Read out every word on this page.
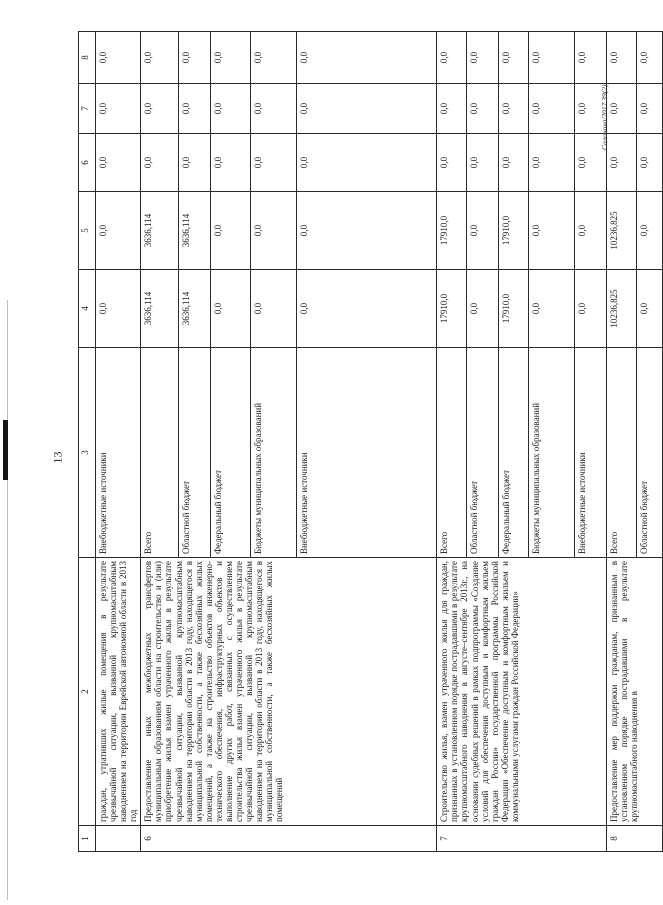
13
Салонова/2017.39(2)
1	2	3	4	5	6	7	8
	граждан, утративших жилые помещения в результате чрезвычайной ситуации, вызванной крупномасштабным наводнением на территории Еврейской автономной области в 2013 год	Внебюджетные источники	0,0	0,0	0,0	0,0	0,0
6	Предоставление иных межбюджетных трансфертов муниципальным образованиям области на строительство и (или) приобретение жилья взамен утраченного жилья в результате чрезвычайной ситуации, вызванной крупномасштабным наводнением на территории области в 2013 году, находящегося в муниципальной собственности, а также бесхозяйных жилых помещений, а также на строительство объектов инженерно-технического обеспечения, инфраструктурных объектов и выполнение других работ, связанных с осуществлением строительства жилья взамен утраченного жилья в результате чрезвычайной ситуации, вызванной крупномасштабным наводнением на территории области в 2013 году, находящегося в муниципальной собственности, а также бесхозяйных жилых помещений	Всего	3636,114	3636,114	0,0	0,0	0,0
		Областной бюджет	3636,114	3636,114	0,0	0,0	0,0
		Федеральный бюджет	0,0	0,0	0,0	0,0	0,0
		Бюджеты муниципальных образований	0,0	0,0	0,0	0,0	0,0
		Внебюджетные источники	0,0	0,0	0,0	0,0	0,0
7	Строительство жилья, взамен утраченного жилья для граждан, признанных в установленном порядке пострадавшими в результате крупномасштабного наводнения в августе–сентябре 2013г., на основании судебных решений в рамках подпрограммы «Создание условий для обеспечения доступным и комфортным жильем граждан России» государственной программы Российской Федерации «Обеспечение доступным и комфортным жильем и коммунальными услугами граждан Российской Федерации»	Всего	17910,0	17910,0	0,0	0,0	0,0
		Областной бюджет	0,0	0,0	0,0	0,0	0,0
		Федеральный бюджет	17910,0	17910,0	0,0	0,0	0,0
		Бюджеты муниципальных образований	0,0	0,0	0,0	0,0	0,0
		Внебюджетные источники	0,0	0,0	0,0	0,0	0,0
8	Предоставление мер поддержки гражданам, признанным в установленном порядке пострадавшими в результате крупномасштабного наводнения в	Всего	10236,825	10236,825	0,0	0,0	0,0
		Областной бюджет	0,0	0,0	0,0	0,0	0,0
